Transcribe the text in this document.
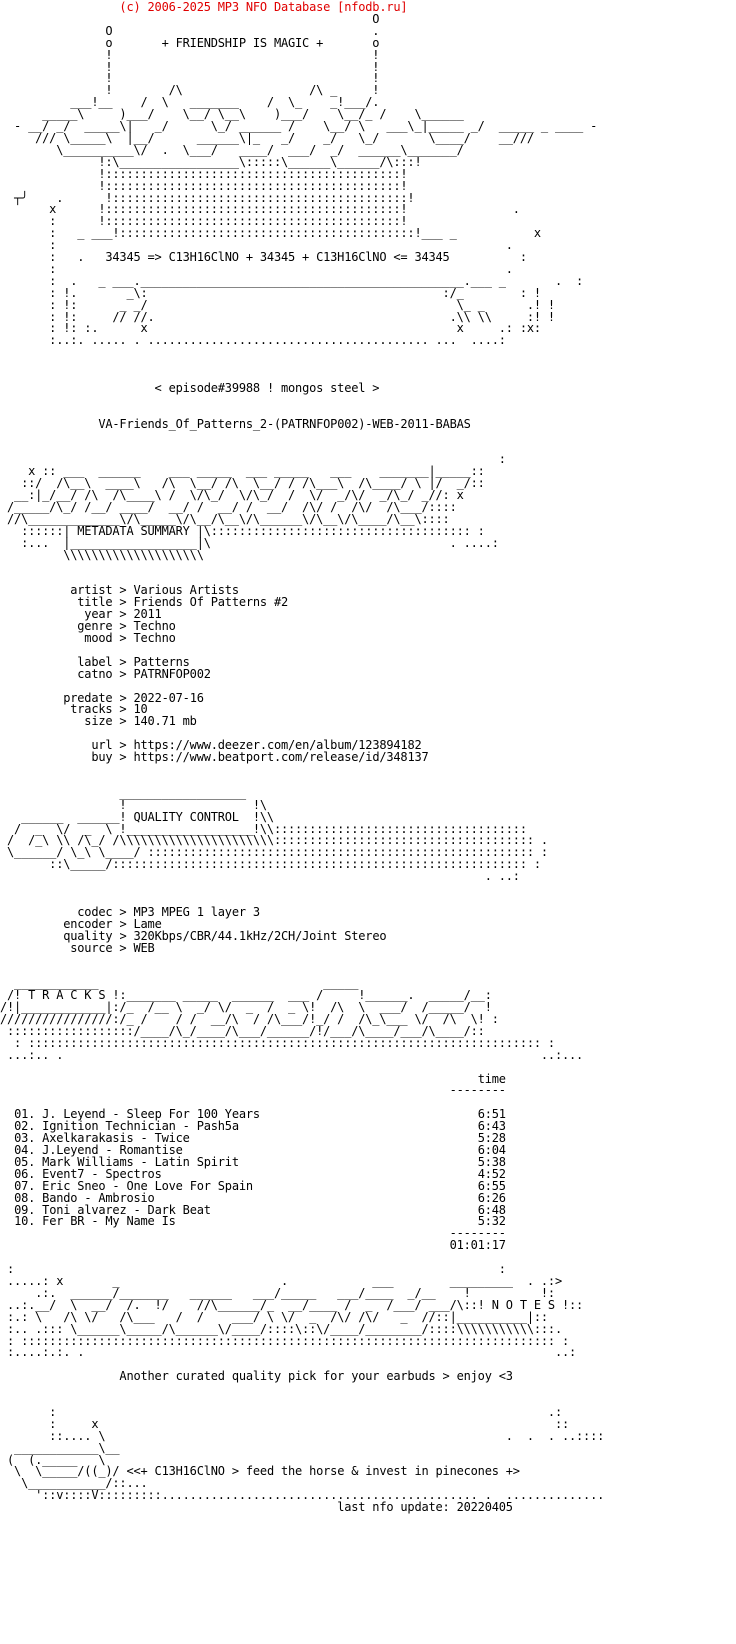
(c) 2006-2025 MP3 NFO Database [nfodb.ru]
O
O                                     .
o       + FRIENDSHIP IS MAGIC +       o
!                                     !
!                                     !
!                                     !
!        /\                  /\ _     !
___!__    /  \   _______    /  \_    _!___/.
_____\     )___/    \__/ \__\    )___/    \__/_ /    \______
- __/ _/  _____\|   _/      \_/ ______ /    \__/ \   ___\_|_____ _/  _____ _ ____ -
/// \_____\  |__/      ______\|_   _/    _/   \_/       \____/    __///
\__________\/  .  \___/   ____/  ___/  _/  ______\_______/
!:\_________________\:::::\______\______/\:::!
!::::::::::::::::::::::::::::::::::::::::::!
!::::::::::::::::::::::::::::::::::::::::::!
┬╯    .      !::::::::::::::::::::::::::::::::::::::::::!
x      !::::::::::::::::::::::::::::::::::::::::::!               .
:      !::::::::::::::::::::::::::::::::::::::::::!
:   _ ___!::::::::::::::::::::::::::::::::::::::::::!___ _           x
:                                                                .
:   .   34345 => C13H16ClNO + 34345 + C13H16ClNO <= 34345          :
:                                                                .
:  .   _ ___.______________________________________________.___ _       .  :
: !.       _\:                                          :/_        : !
: !:      _ _/                                            \_ _      .! !
: !:     // //.                                          .\\ \\     :! !
: !: :.      x                                            x     .: :x:
:..:. ..... . ........................................ ...  ....:

< episode#39988 ! mongos steel >

VA-Friends_Of_Patterns_2-(PATRNFOP002)-WEB-2011-BABAS

:
x :: ___  ______    ___ _____  ___ _____   ___    _______|_____::
::/  /\__\  ____\   /\  \__/ /\  \__/ / /\___\  /\____/ \ |/  _/::
__:|_/__/ /\  /\____\ /  \/\_/  \/\_/  /  \/  _/\/  _/\_/ _//: x
/_____/\_/ /__/ ____/  __/ /  __/ /  __/  /\/ /  /\/  /\___/::::
//\_____________\/\_____\/\__/\__\/\______\/\__\/\____/\__\::::
::::::| METADATA SUMMARY |\::::::::::::::::::::::::::::::::::::: :
:...  |__________________|\                                  . ....:
\\\\\\\\\\\\\\\\\\\\

artist > Various Artists
title > Friends Of Patterns #2
year > 2011
genre > Techno
mood > Techno

label > Patterns
catno > PATRNFOP002

predate > 2022-07-16
tracks > 10
size > 140.71 mb

url > https://www.deezer.com/en/album/123894182
buy > https://www.beatport.com/release/id/348137

__________________
!                  !\
______  ______! QUALITY CONTROL  !\\
/  _  \/  _  \ !__________________!\\::::::::::::::::::::::::::::::::::::
/  /_\ \\ /\_/ /\\\\\\\\\\\\\\\\\\\\\\::::::::::::::::::::::::::::::::::::: .
\______/ \_\ \____/ ::::::::::::::::::::::::::::::::::::::::::::::::::::::: :
::\_____/::::::::::::::::::::::::::::::::::::::::::::::::::::::::::: :
. ..:

codec > MP3 MPEG 1 layer 3
encoder > Lame
quality > 320Kbps/CBR/44.1kHz/2CH/Joint Stereo
source > WEB

____________                                _____
/! T R A C K S !:_______ _____  ______  ___ /     !______.  _____/__:
/!|____________|:/_  /__ \  _/ \/  _  /  _ \!  /\  \  ___/  /_____/  !
////////////////:/_ /    / /  __/\  / /\___/!_/ /  /\_\___ \/  /\  \! :
::::::::::::::::::/____/\_/____/\___/______/!/___/\____/___/\____/::
: ::::::::::::::::::::::::::::::::::::::::::::::::::::::::::::::::::::::::: :
...:.. .                                                                    ..:...

time
--------

01. J. Leyend - Sleep For 100 Years	6:51
02. Ignition Technician - Pash5a	6:43
03. Axelkarakasis - Twice	5:28
04. J.Leyend - Romantise	6:04
05. Mark Williams - Latin Spirit	5:38
06. Event7 - Spectros	4:52
07. Eric Sneo - One Love For Spain	6:55
08. Bando - Ambrosio	6:26
09. Toni alvarez - Dark Beat	6:48
10. Fer BR - My Name Is	5:32
--------
01:01:17

:                                                                     :
.....: x       _                       .            ___        _________  . .:>
.:.  ______/_______   ______   ___/_____   ___/____  _/__    !          !:
..:.__/  \  __/  /.  !/    //\______/_  __/____ /  _  /___/ ___/\::! N O T E S !::
:.: \   /\ \/   /\___   /  /    ___/ \ \/  _  /\/ /\/   _  //::|__________|::
:.. .::: \______\_____/\______\/____/::::\::\/____/________/::::\\\\\\\\\\\:::.
: :::::::::::::::::::::::::::::::::::::::::::::::::::::::::::::::::::::::::::: :
:....:.:. .                                                                   ..:

Another curated quality pick for your earbuds > enjoy <3

:                                                                      .:
:     x                                                                 ::
::.... \                                                         .  .  . ..::::
____________\__
(  (._____   \
\  \_____/((_)/ <<+ C13H16ClNO > feed the horse & invest in pinecones +>
\___________/::...
'::v::::V:::::::::............................................. .  ..............
last nfo update: 20220405
